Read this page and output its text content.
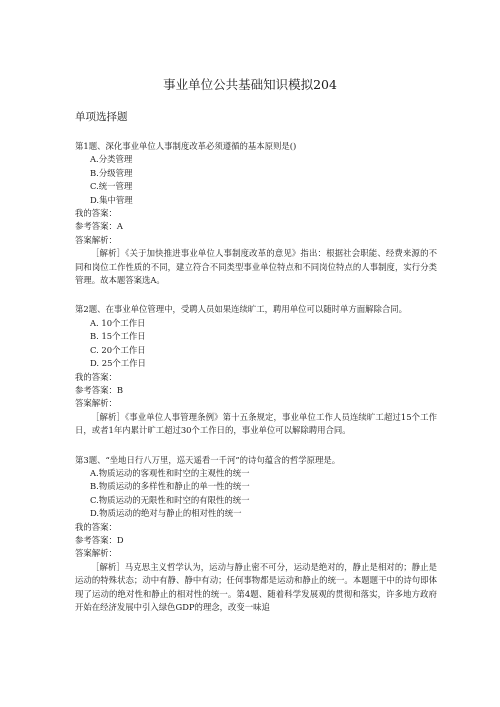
事业单位公共基础知识模拟204
单项选择题
第1题、深化事业单位人事制度改革必须遵循的基本原则是()
A.分类管理
B.分级管理
C.统一管理
D.集中管理
我的答案：
参考答案：A
答案解析：
［解析］《关于加快推进事业单位人事制度改革的意见》指出：根据社会职能、经费来源的不同和岗位工作性质的不同，建立符合不同类型事业单位特点和不同岗位特点的人事制度，实行分类管理。故本题答案选A。
第2题、在事业单位管理中，受聘人员如果连续旷工，聘用单位可以随时单方面解除合同。
A. 10个工作日
B. 15个工作日
C. 20个工作日
D. 25个工作日
我的答案：
参考答案：B
答案解析：
［解析］《事业单位人事管理条例》第十五条规定，事业单位工作人员连续旷工超过15个工作日，或者1年内累计旷工超过30个工作日的，事业单位可以解除聘用合同。
第3题、“坐地日行八万里，巡天遥看一千河”的诗句蕴含的哲学原理是。
A.物质运动的客观性和时空的主观性的统一
B.物质运动的多样性和静止的单一性的统一
C.物质运动的无限性和时空的有限性的统一
D.物质运动的绝对与静止的相对性的统一
我的答案：
参考答案：D
答案解析：
［解析］马克思主义哲学认为，运动与静止密不可分，运动是绝对的，静止是相对的；静止是运动的特殊状态；动中有静、静中有动；任何事物都是运动和静止的统一。本题题干中的诗句即体现了运动的绝对性和静止的相对性的统一。第4题、随着科学发展观的贯彻和落实，许多地方政府开始在经济发展中引入绿色GDP的理念，改变一味追
